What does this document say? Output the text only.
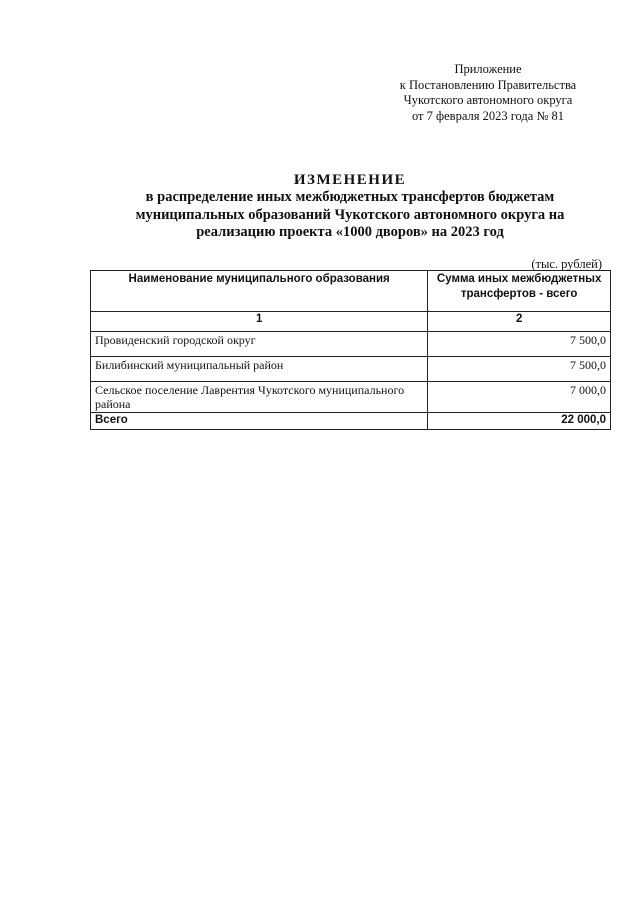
Приложение
к Постановлению Правительства
Чукотского автономного округа
от 7 февраля 2023 года № 81
ИЗМЕНЕНИЕ
в распределение иных межбюджетных трансфертов бюджетам
муниципальных образований Чукотского автономного округа на
реализацию проекта «1000 дворов» на 2023 год
(тыс. рублей)
Наименование муниципального образования	Сумма иных межбюджетных трансфертов - всего
1	2
Провиденский городской округ	7 500,0
Билибинский муниципальный район	7 500,0
Сельское поселение Лаврентия Чукотского муниципального района	7 000,0
Всего	22 000,0
